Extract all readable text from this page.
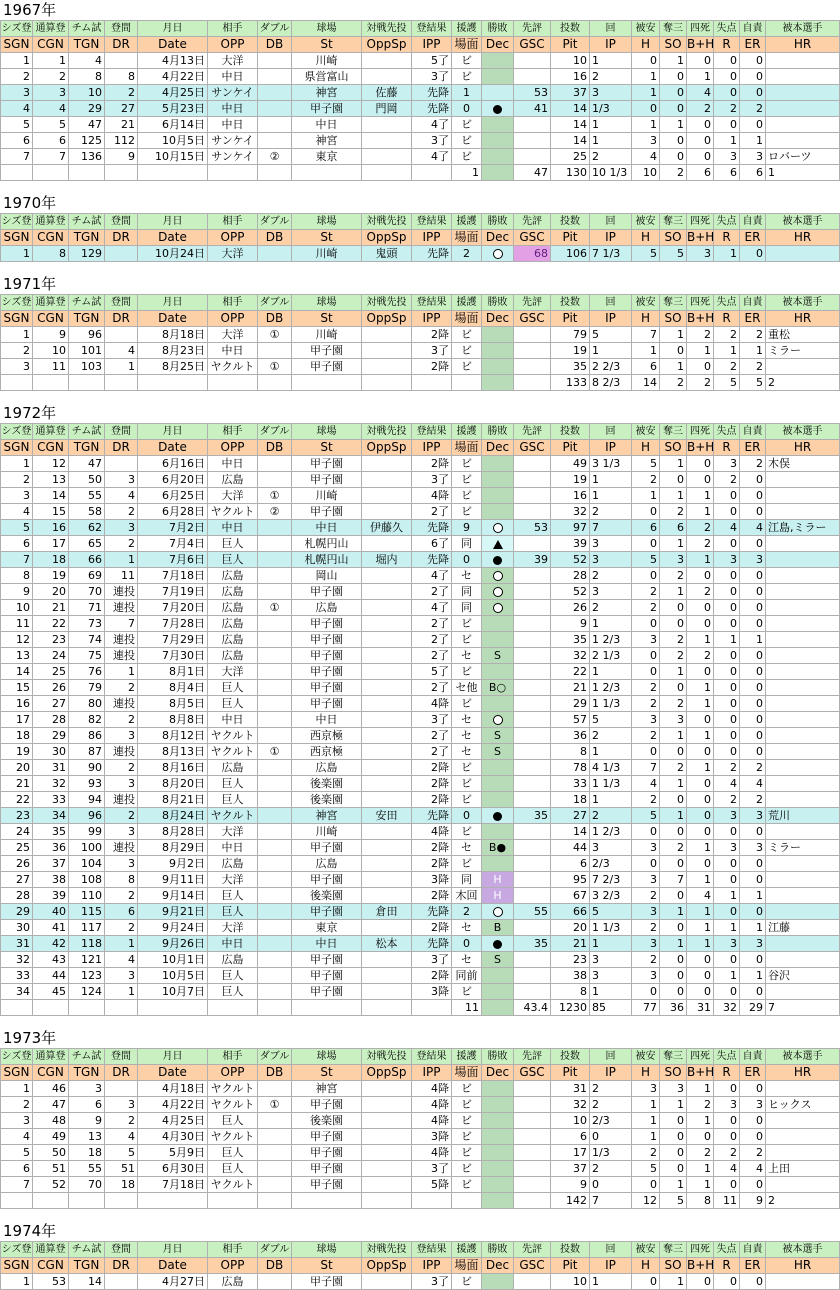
1967年
シズ登	通算登	チム試	登間	月日	相手	ダブル	球場	対戦先投	登結果	援護	勝敗	先評	投数	回	被安	奪三	四死	失点	自責	被本選手
SGN	CGN	TGN	DR	Date	OPP	DB	St	OppSp	IPP	場面	Dec	GSC	Pit	IP	H	SO	B+H	R	ER	HR
1	1	4		4月13日	大洋		川崎		5了	ビ			10	1	0	1	0	0	0	
2	2	8	8	4月22日	中日		県営富山		3了	ビ			16	2	1	0	1	0	0	
3	3	10	2	4月25日	サンケイ		神宮	佐藤	先降	1		53	37	3	1	0	4	0	0	
4	4	29	27	5月23日	中日		甲子園	門岡	先降	0		41	14	1/3	0	0	2	2	2	
5	5	47	21	6月14日	中日		中日		4了	ビ			14	1	1	1	0	0	0	
6	6	125	112	10月5日	サンケイ		神宮		3了	ビ			14	1	3	0	0	1	1	
7	7	136	9	10月15日	サンケイ	②	東京		4了	ビ			25	2	4	0	0	3	3	ロバーツ
										1		47	130	10 1/3	10	2	6	6	6	1
1970年
シズ登	通算登	チム試	登間	月日	相手	ダブル	球場	対戦先投	登結果	援護	勝敗	先評	投数	回	被安	奪三	四死	失点	自責	被本選手
SGN	CGN	TGN	DR	Date	OPP	DB	St	OppSp	IPP	場面	Dec	GSC	Pit	IP	H	SO	B+H	R	ER	HR
1	8	129		10月24日	大洋		川崎	鬼頭	先降	2		68	106	7 1/3	5	5	3	1	0	
1971年
シズ登	通算登	チム試	登間	月日	相手	ダブル	球場	対戦先投	登結果	援護	勝敗	先評	投数	回	被安	奪三	四死	失点	自責	被本選手
SGN	CGN	TGN	DR	Date	OPP	DB	St	OppSp	IPP	場面	Dec	GSC	Pit	IP	H	SO	B+H	R	ER	HR
1	9	96		8月18日	大洋	①	川崎		2降	ビ			79	5	7	1	2	2	2	重松
2	10	101	4	8月23日	中日		甲子園		3了	ビ			19	1	1	0	1	1	1	ミラー
3	11	103	1	8月25日	ヤクルト	①	甲子園		2降	ビ			35	2 2/3	6	1	0	2	2	
													133	8 2/3	14	2	2	5	5	2
1972年
シズ登	通算登	チム試	登間	月日	相手	ダブル	球場	対戦先投	登結果	援護	勝敗	先評	投数	回	被安	奪三	四死	失点	自責	被本選手
SGN	CGN	TGN	DR	Date	OPP	DB	St	OppSp	IPP	場面	Dec	GSC	Pit	IP	H	SO	B+H	R	ER	HR
1	12	47		6月16日	中日		甲子園		2降	ビ			49	3 1/3	5	1	0	3	2	木俣
2	13	50	3	6月20日	広島		甲子園		3了	ビ			19	1	2	0	0	2	0	
3	14	55	4	6月25日	大洋	①	川崎		4降	ビ			16	1	1	1	1	0	0	
4	15	58	2	6月28日	ヤクルト	②	甲子園		2了	ビ			32	2	0	2	1	0	0	
5	16	62	3	7月2日	中日		中日	伊藤久	先降	9		53	97	7	6	6	2	4	4	江島,ミラー
6	17	65	2	7月4日	巨人		札幌円山		6了	同			39	3	0	1	2	0	0	
7	18	66	1	7月6日	巨人		札幌円山	堀内	先降	0		39	52	3	5	3	1	3	3	
8	19	69	11	7月18日	広島		岡山		4了	セ			28	2	0	2	0	0	0	
9	20	70	連投	7月19日	広島		甲子園		2了	同			52	3	2	1	2	0	0	
10	21	71	連投	7月20日	広島	①	広島		4了	同			26	2	2	0	0	0	0	
11	22	73	7	7月28日	広島		甲子園		2了	ビ			9	1	0	0	0	0	0	
12	23	74	連投	7月29日	広島		甲子園		2了	ビ			35	1 2/3	3	2	1	1	1	
13	24	75	連投	7月30日	広島		甲子園		2了	セ	S		32	2 1/3	0	2	2	0	0	
14	25	76	1	8月1日	大洋		甲子園		5了	ビ			22	1	0	1	0	0	0	
15	26	79	2	8月4日	巨人		甲子園		2了	セ他	B○		21	1 2/3	2	0	1	0	0	
16	27	80	連投	8月5日	巨人		甲子園		4降	ビ			29	1 1/3	2	2	1	0	0	
17	28	82	2	8月8日	中日		中日		3了	セ			57	5	3	3	0	0	0	
18	29	86	3	8月12日	ヤクルト		西京極		2了	セ	S		36	2	2	1	1	0	0	
19	30	87	連投	8月13日	ヤクルト	①	西京極		2了	セ	S		8	1	0	0	0	0	0	
20	31	90	2	8月16日	広島		広島		2降	ビ			78	4 1/3	7	2	1	2	2	
21	32	93	3	8月20日	巨人		後楽園		2降	ビ			33	1 1/3	4	1	0	4	4	
22	33	94	連投	8月21日	巨人		後楽園		2降	ビ			18	1	2	0	0	2	2	
23	34	96	2	8月24日	ヤクルト		神宮	安田	先降	0		35	27	2	5	1	0	3	3	荒川
24	35	99	3	8月28日	大洋		川崎		4降	ビ			14	1 2/3	0	0	0	0	0	
25	36	100	連投	8月29日	中日		甲子園		2降	セ	B●		44	3	3	2	1	3	3	ミラー
26	37	104	3	9月2日	広島		広島		2降	ビ			6	2/3	0	0	0	0	0	
27	38	108	8	9月11日	大洋		甲子園		3降	同	H		95	7 2/3	3	7	1	0	0	
28	39	110	2	9月14日	巨人		後楽園		2降	木回	H		67	3 2/3	2	0	4	1	1	
29	40	115	6	9月21日	巨人		甲子園	倉田	先降	2		55	66	5	3	1	1	0	0	
30	41	117	2	9月24日	大洋		東京		2降	セ	B		20	1 1/3	2	0	1	1	1	江藤
31	42	118	1	9月26日	中日		中日	松本	先降	0		35	21	1	3	1	1	3	3	
32	43	121	4	10月1日	広島		甲子園		3了	セ	S		23	3	2	0	0	0	0	
33	44	123	3	10月5日	巨人		甲子園		2降	同前			38	3	3	0	0	1	1	谷沢
34	45	124	1	10月7日	巨人		甲子園		3降	ビ			8	1	0	0	0	0	0	
										11		43.4	1230	85	77	36	31	32	29	7
1973年
シズ登	通算登	チム試	登間	月日	相手	ダブル	球場	対戦先投	登結果	援護	勝敗	先評	投数	回	被安	奪三	四死	失点	自責	被本選手
SGN	CGN	TGN	DR	Date	OPP	DB	St	OppSp	IPP	場面	Dec	GSC	Pit	IP	H	SO	B+H	R	ER	HR
1	46	3		4月18日	ヤクルト		神宮		4降	ビ			31	2	3	3	1	0	0	
2	47	6	3	4月22日	ヤクルト	①	甲子園		4降	ビ			32	2	1	1	2	3	3	ヒックス
3	48	9	2	4月25日	巨人		後楽園		4降	ビ			10	2/3	1	0	1	0	0	
4	49	13	4	4月30日	ヤクルト		甲子園		3降	ビ			6	0	1	0	0	0	0	
5	50	18	5	5月9日	巨人		甲子園		4降	ビ			17	1/3	2	0	2	2	2	
6	51	55	51	6月30日	巨人		甲子園		3了	ビ			37	2	5	0	1	4	4	上田
7	52	70	18	7月18日	ヤクルト		甲子園		5降	ビ			9	0	0	1	1	0	0	
													142	7	12	5	8	11	9	2
1974年
シズ登	通算登	チム試	登間	月日	相手	ダブル	球場	対戦先投	登結果	援護	勝敗	先評	投数	回	被安	奪三	四死	失点	自責	被本選手
SGN	CGN	TGN	DR	Date	OPP	DB	St	OppSp	IPP	場面	Dec	GSC	Pit	IP	H	SO	B+H	R	ER	HR
1	53	14		4月27日	広島		甲子園		3了	ビ			10	1	0	1	0	0	0	
